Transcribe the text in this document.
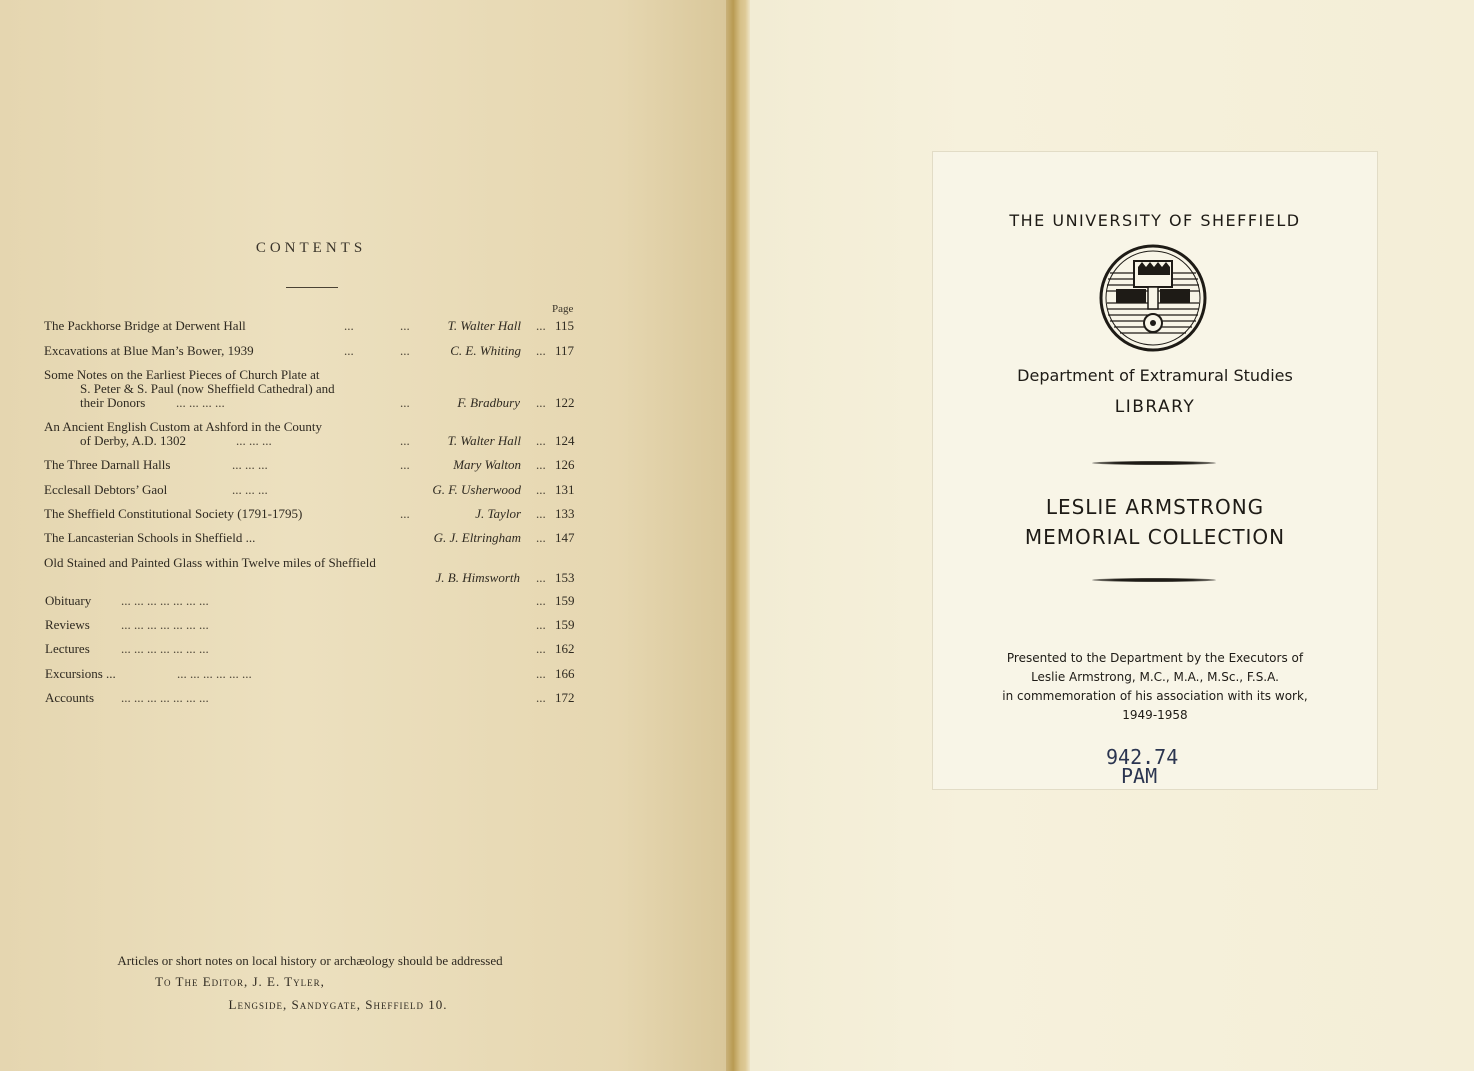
CONTENTS
Page
The Packhorse Bridge at Derwent Hall	...	...	T. Walter Hall ... 115
Excavations at Blue Man’s Bower, 1939	...	...	C. E. Whiting ... 117
Some Notes on the Earliest Pieces of Church Plate at
S. Peter & S. Paul (now Sheffield Cathedral) and
their Donors ... ... ... ...	...	F. Bradbury ... 122
An Ancient English Custom at Ashford in the County
of Derby, A.D. 1302	... ... ...	...	T. Walter Hall ... 124
The Three Darnall Halls	... ... ...	...	Mary Walton ... 126
Ecclesall Debtors’ Gaol	... ... ...	G. F. Usherwood ... 131
The Sheffield Constitutional Society (1791-1795)	...	J. Taylor ... 133
The Lancasterian Schools in Sheffield ...	G. J. Eltringham ... 147
Old Stained and Painted Glass within Twelve miles of Sheffield
J. B. Himsworth ... 153
Obituary ... ... ... ... ... ... ...	... 159
Reviews ... ... ... ... ... ... ...	... 159
Lectures ... ... ... ... ... ... ...	... 162
Excursions ...	... ... ... ... ... ...	... 166
Accounts ... ... ... ... ... ... ...	... 172
Articles or short notes on local history or archæology should be addressed
To The Editor, J. E. Tyler,
Lengside, Sandygate, Sheffield 10.
THE UNIVERSITY OF SHEFFIELD
Department of Extramural Studies
LIBRARY
LESLIE ARMSTRONG
MEMORIAL COLLECTION
Presented to the Department by the Executors of
Leslie Armstrong, M.C., M.A., M.Sc., F.S.A.
in commemoration of his association with its work,
1949-1958
942.74
PAM
